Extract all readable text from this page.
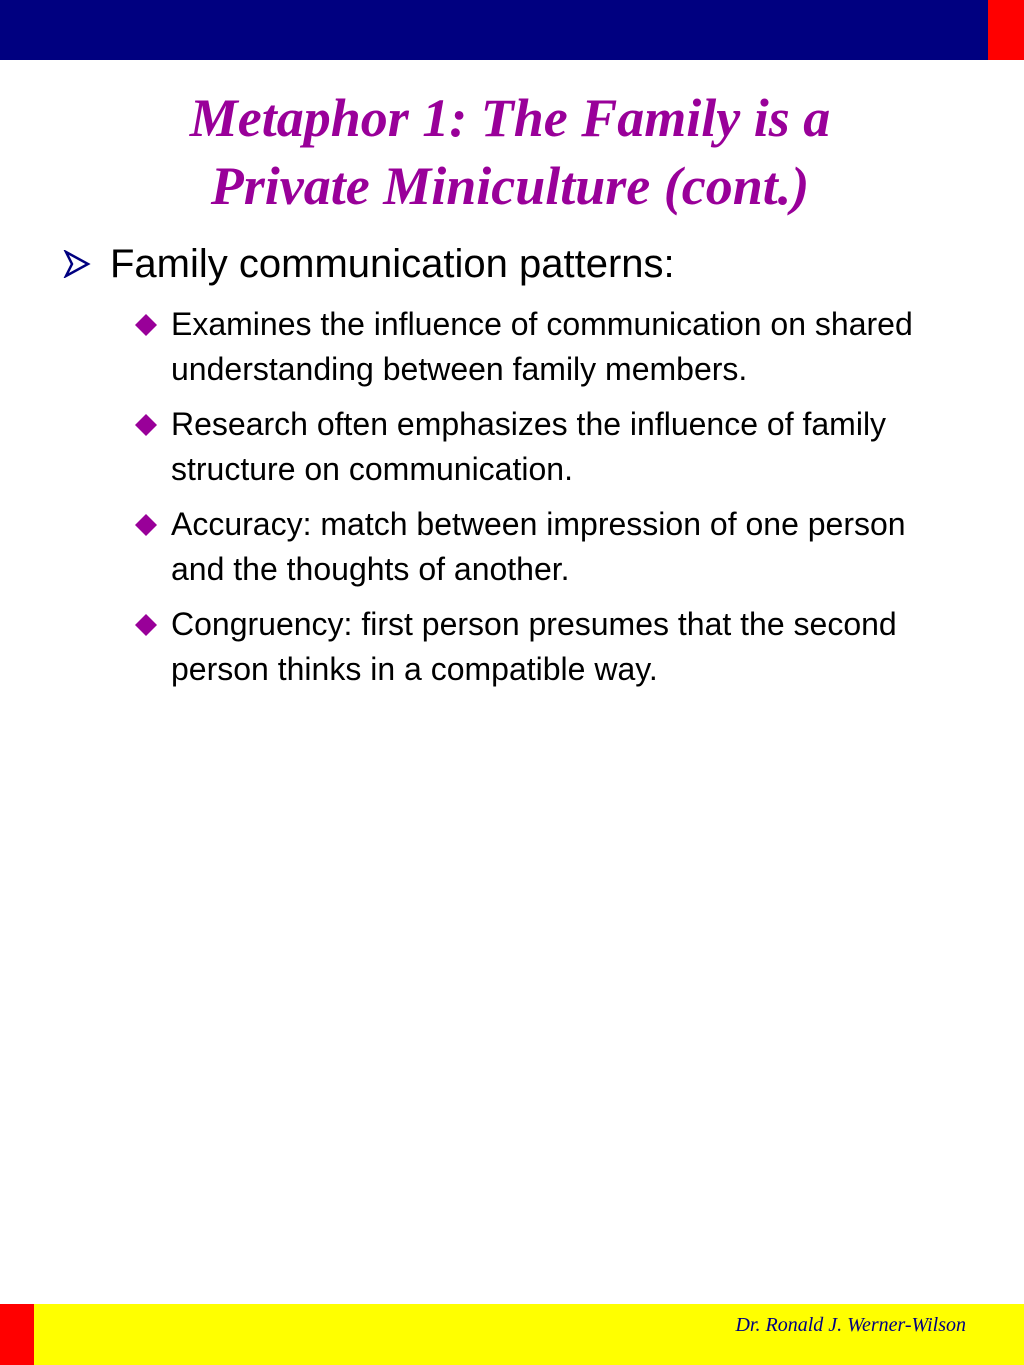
Metaphor 1: The Family is a
Private Miniculture (cont.)
Family communication patterns:
Examines the influence of communication on shared understanding between family members.
Research often emphasizes the influence of family structure on communication.
Accuracy: match between impression of one person and the thoughts of another.
Congruency: first person presumes that the second person thinks in a compatible way.
Dr. Ronald J. Werner-Wilson
